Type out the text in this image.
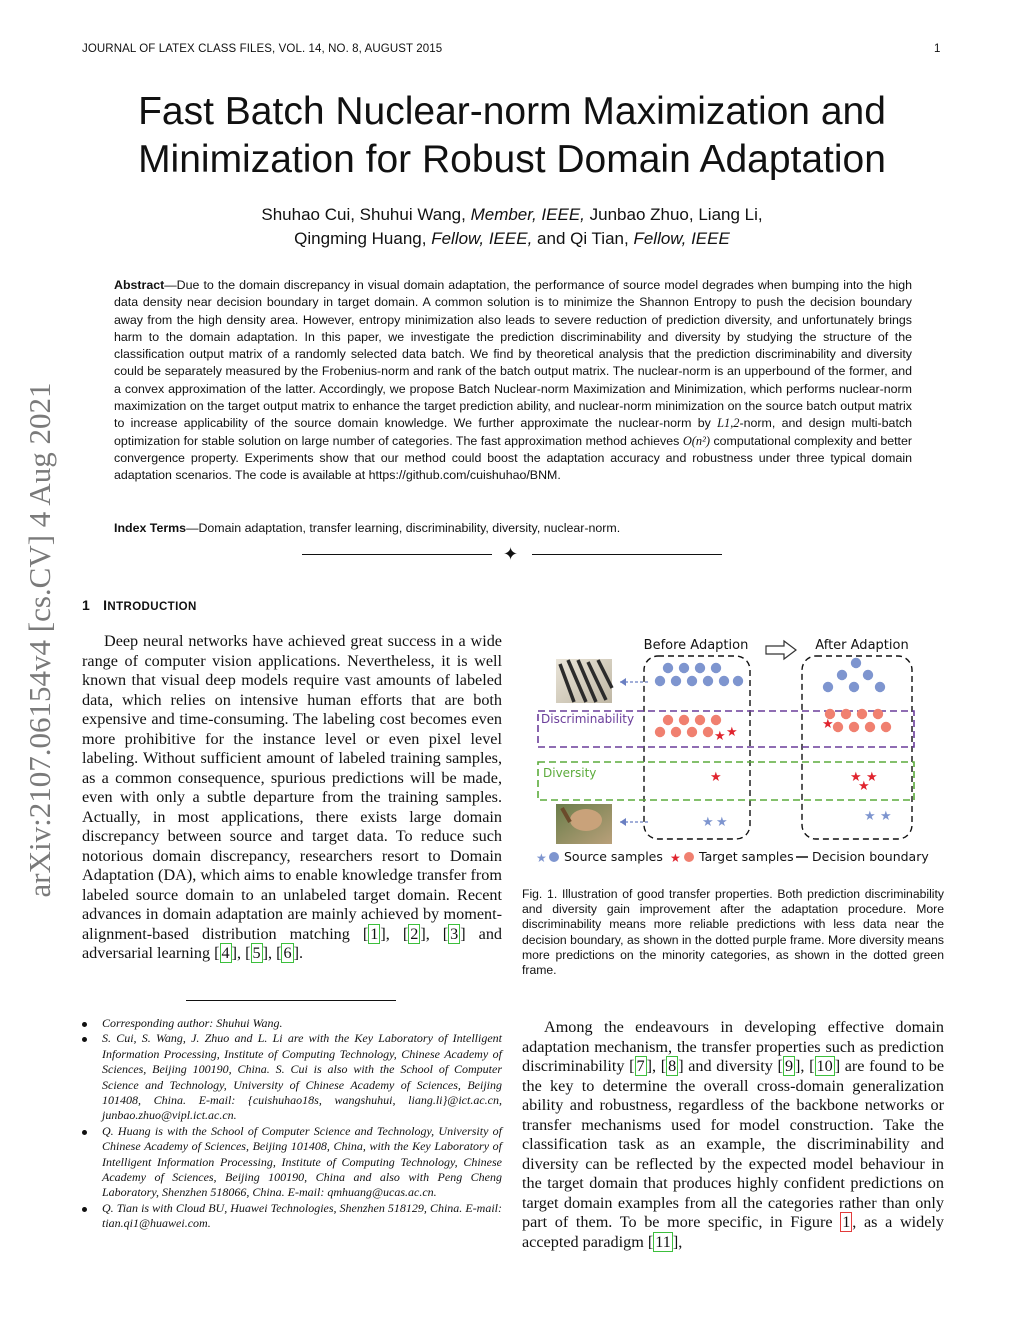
JOURNAL OF LATEX CLASS FILES, VOL. 14, NO. 8, AUGUST 2015	1
Fast Batch Nuclear-norm Maximization and Minimization for Robust Domain Adaptation
Shuhao Cui, Shuhui Wang, Member, IEEE, Junbao Zhuo, Liang Li,
Qingming Huang, Fellow, IEEE, and Qi Tian, Fellow, IEEE
Abstract—Due to the domain discrepancy in visual domain adaptation, the performance of source model degrades when bumping into the high data density near decision boundary in target domain. A common solution is to minimize the Shannon Entropy to push the decision boundary away from the high density area. However, entropy minimization also leads to severe reduction of prediction diversity, and unfortunately brings harm to the domain adaptation. In this paper, we investigate the prediction discriminability and diversity by studying the structure of the classification output matrix of a randomly selected data batch. We find by theoretical analysis that the prediction discriminability and diversity could be separately measured by the Frobenius-norm and rank of the batch output matrix. The nuclear-norm is an upperbound of the former, and a convex approximation of the latter. Accordingly, we propose Batch Nuclear-norm Maximization and Minimization, which performs nuclear-norm maximization on the target output matrix to enhance the target prediction ability, and nuclear-norm minimization on the source batch output matrix to increase applicability of the source domain knowledge. We further approximate the nuclear-norm by L1,2-norm, and design multi-batch optimization for stable solution on large number of categories. The fast approximation method achieves O(n²) computational complexity and better convergence property. Experiments show that our method could boost the adaptation accuracy and robustness under three typical domain adaptation scenarios. The code is available at https://github.com/cuishuhao/BNM.
Index Terms—Domain adaptation, transfer learning, discriminability, diversity, nuclear-norm.
✦
arXiv:2107.06154v4 [cs.CV] 4 Aug 2021 1 INTRODUCTION
Deep neural networks have achieved great success in a wide range of computer vision applications. Nevertheless, it is well known that visual deep models require vast amounts of labeled data, which relies on intensive human efforts that are both expensive and time-consuming. The labeling cost becomes even more prohibitive for the instance level or even pixel level labeling. Without sufficient amount of labeled training samples, as a common consequence, spurious predictions will be made, even with only a subtle departure from the training samples. Actually, in most applications, there exists large domain discrepancy between source and target data. To reduce such notorious domain discrepancy, researchers resort to Domain Adaptation (DA), which aims to enable knowledge transfer from labeled source domain to an unlabeled target domain. Recent advances in domain adaptation are mainly achieved by moment-alignment-based distribution matching [ 1 ], [ 2 ], [ 3 ] and adversarial learning [ 4 ], [ 5 ], [ 6 ].
Corresponding author: Shuhui Wang.
S. Cui, S. Wang, J. Zhuo and L. Li are with the Key Laboratory of Intelligent Information Processing, Institute of Computing Technology, Chinese Academy of Sciences, Beijing 100190, China. S. Cui is also with the School of Computer Science and Technology, University of Chinese Academy of Sciences, Beijing 101408, China. E-mail: {cuishuhao18s, wangshuhui, liang.li}@ict.ac.cn, junbao.zhuo@vipl.ict.ac.cn.
Q. Huang is with the School of Computer Science and Technology, University of Chinese Academy of Sciences, Beijing 101408, China, with the Key Laboratory of Intelligent Information Processing, Institute of Computing Technology, Chinese Academy of Sciences, Beijing 100190, China and also with Peng Cheng Laboratory, Shenzhen 518066, China. E-mail: qmhuang@ucas.ac.cn.
Q. Tian is with Cloud BU, Huawei Technologies, Shenzhen 518129, China. E-mail: tian.qi1@huawei.com.
Before Adaption	After Adaption
Discriminability
Diversity
★ ★
★
★ ★
★
★ ★
★
★ ★
★ Source samples ★ Target samples Decision boundary
Fig. 1. Illustration of good transfer properties. Both prediction discriminability and diversity gain improvement after the adaptation procedure. More discriminability means more reliable predictions with less data near the decision boundary, as shown in the dotted purple frame. More diversity means more predictions on the minority categories, as shown in the dotted green frame.
Among the endeavours in developing effective domain adaptation mechanism, the transfer properties such as prediction discriminability [ 7 ], [ 8 ] and diversity [ 9 ], [ 10 ] are found to be the key to determine the overall cross-domain generalization ability and robustness, regardless of the backbone networks or transfer mechanisms used for model construction. Take the classification task as an example, the discriminability and diversity can be reflected by the expected model behaviour in the target domain that produces highly confident predictions on target domain examples from all the categories rather than only part of them. To be more specific, in Figure 1 , as a widely accepted paradigm [ 11 ],
